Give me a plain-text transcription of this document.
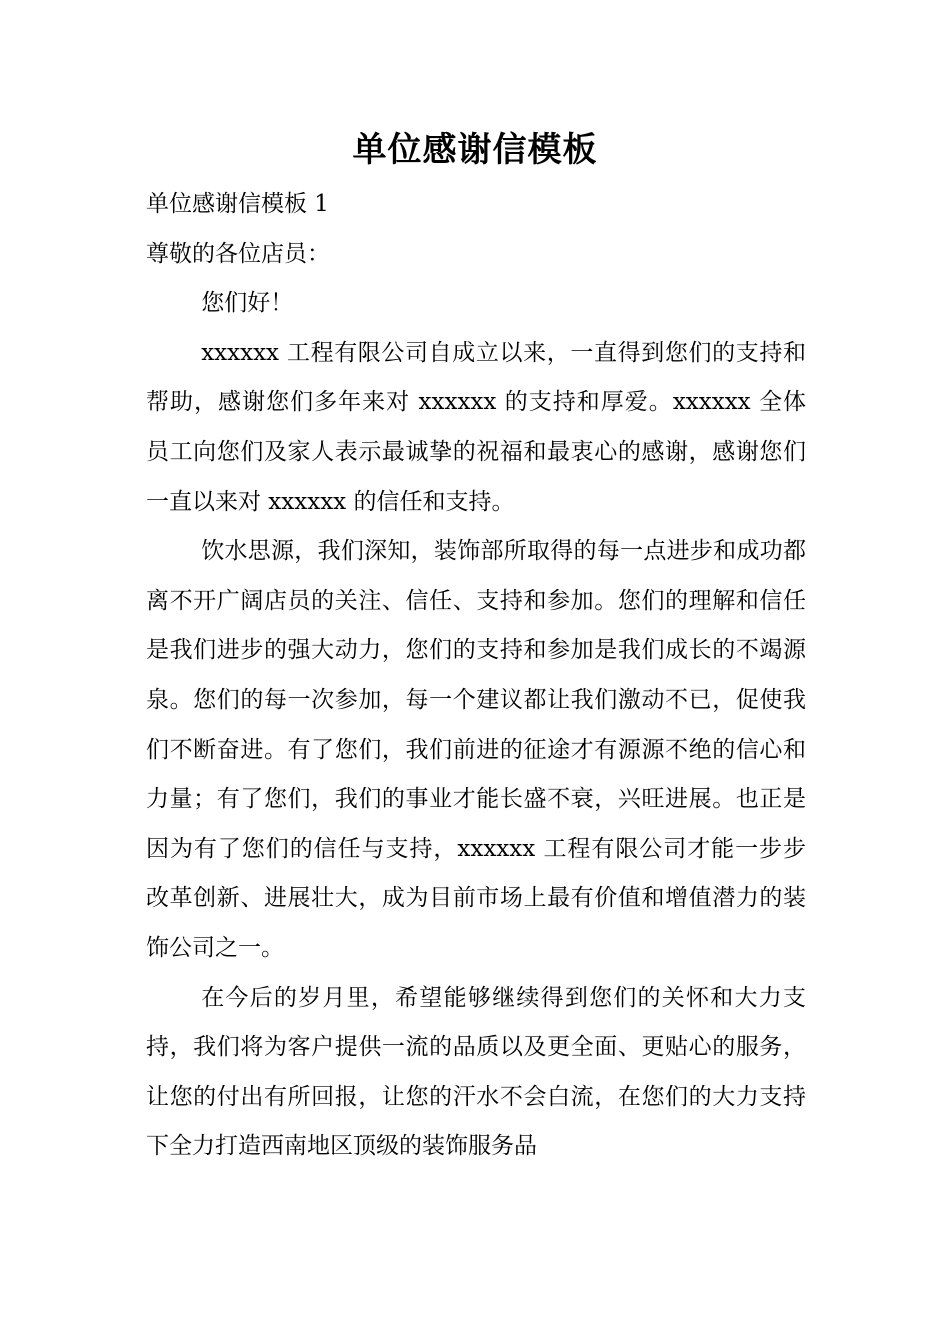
单位感谢信模板

单位感谢信模板 1

尊敬的各位店员：

您们好！

xxxxxx 工程有限公司自成立以来，一直得到您们的支持和帮助，感谢您们多年来对 xxxxxx 的支持和厚爱。xxxxxx 全体员工向您们及家人表示最诚挚的祝福和最衷心的感谢，感谢您们一直以来对 xxxxxx 的信任和支持。

饮水思源，我们深知，装饰部所取得的每一点进步和成功都离不开广阔店员的关注、信任、支持和参加。您们的理解和信任是我们进步的强大动力，您们的支持和参加是我们成长的不竭源泉。您们的每一次参加，每一个建议都让我们激动不已，促使我们不断奋进。有了您们，我们前进的征途才有源源不绝的信心和力量；有了您们，我们的事业才能长盛不衰，兴旺进展。也正是因为有了您们的信任与支持，xxxxxx 工程有限公司才能一步步改革创新、进展壮大，成为目前市场上最有价值和增值潜力的装饰公司之一。

在今后的岁月里，希望能够继续得到您们的关怀和大力支持，我们将为客户提供一流的品质以及更全面、更贴心的服务，让您的付出有所回报，让您的汗水不会白流，在您们的大力支持下全力打造西南地区顶级的装饰服务品
